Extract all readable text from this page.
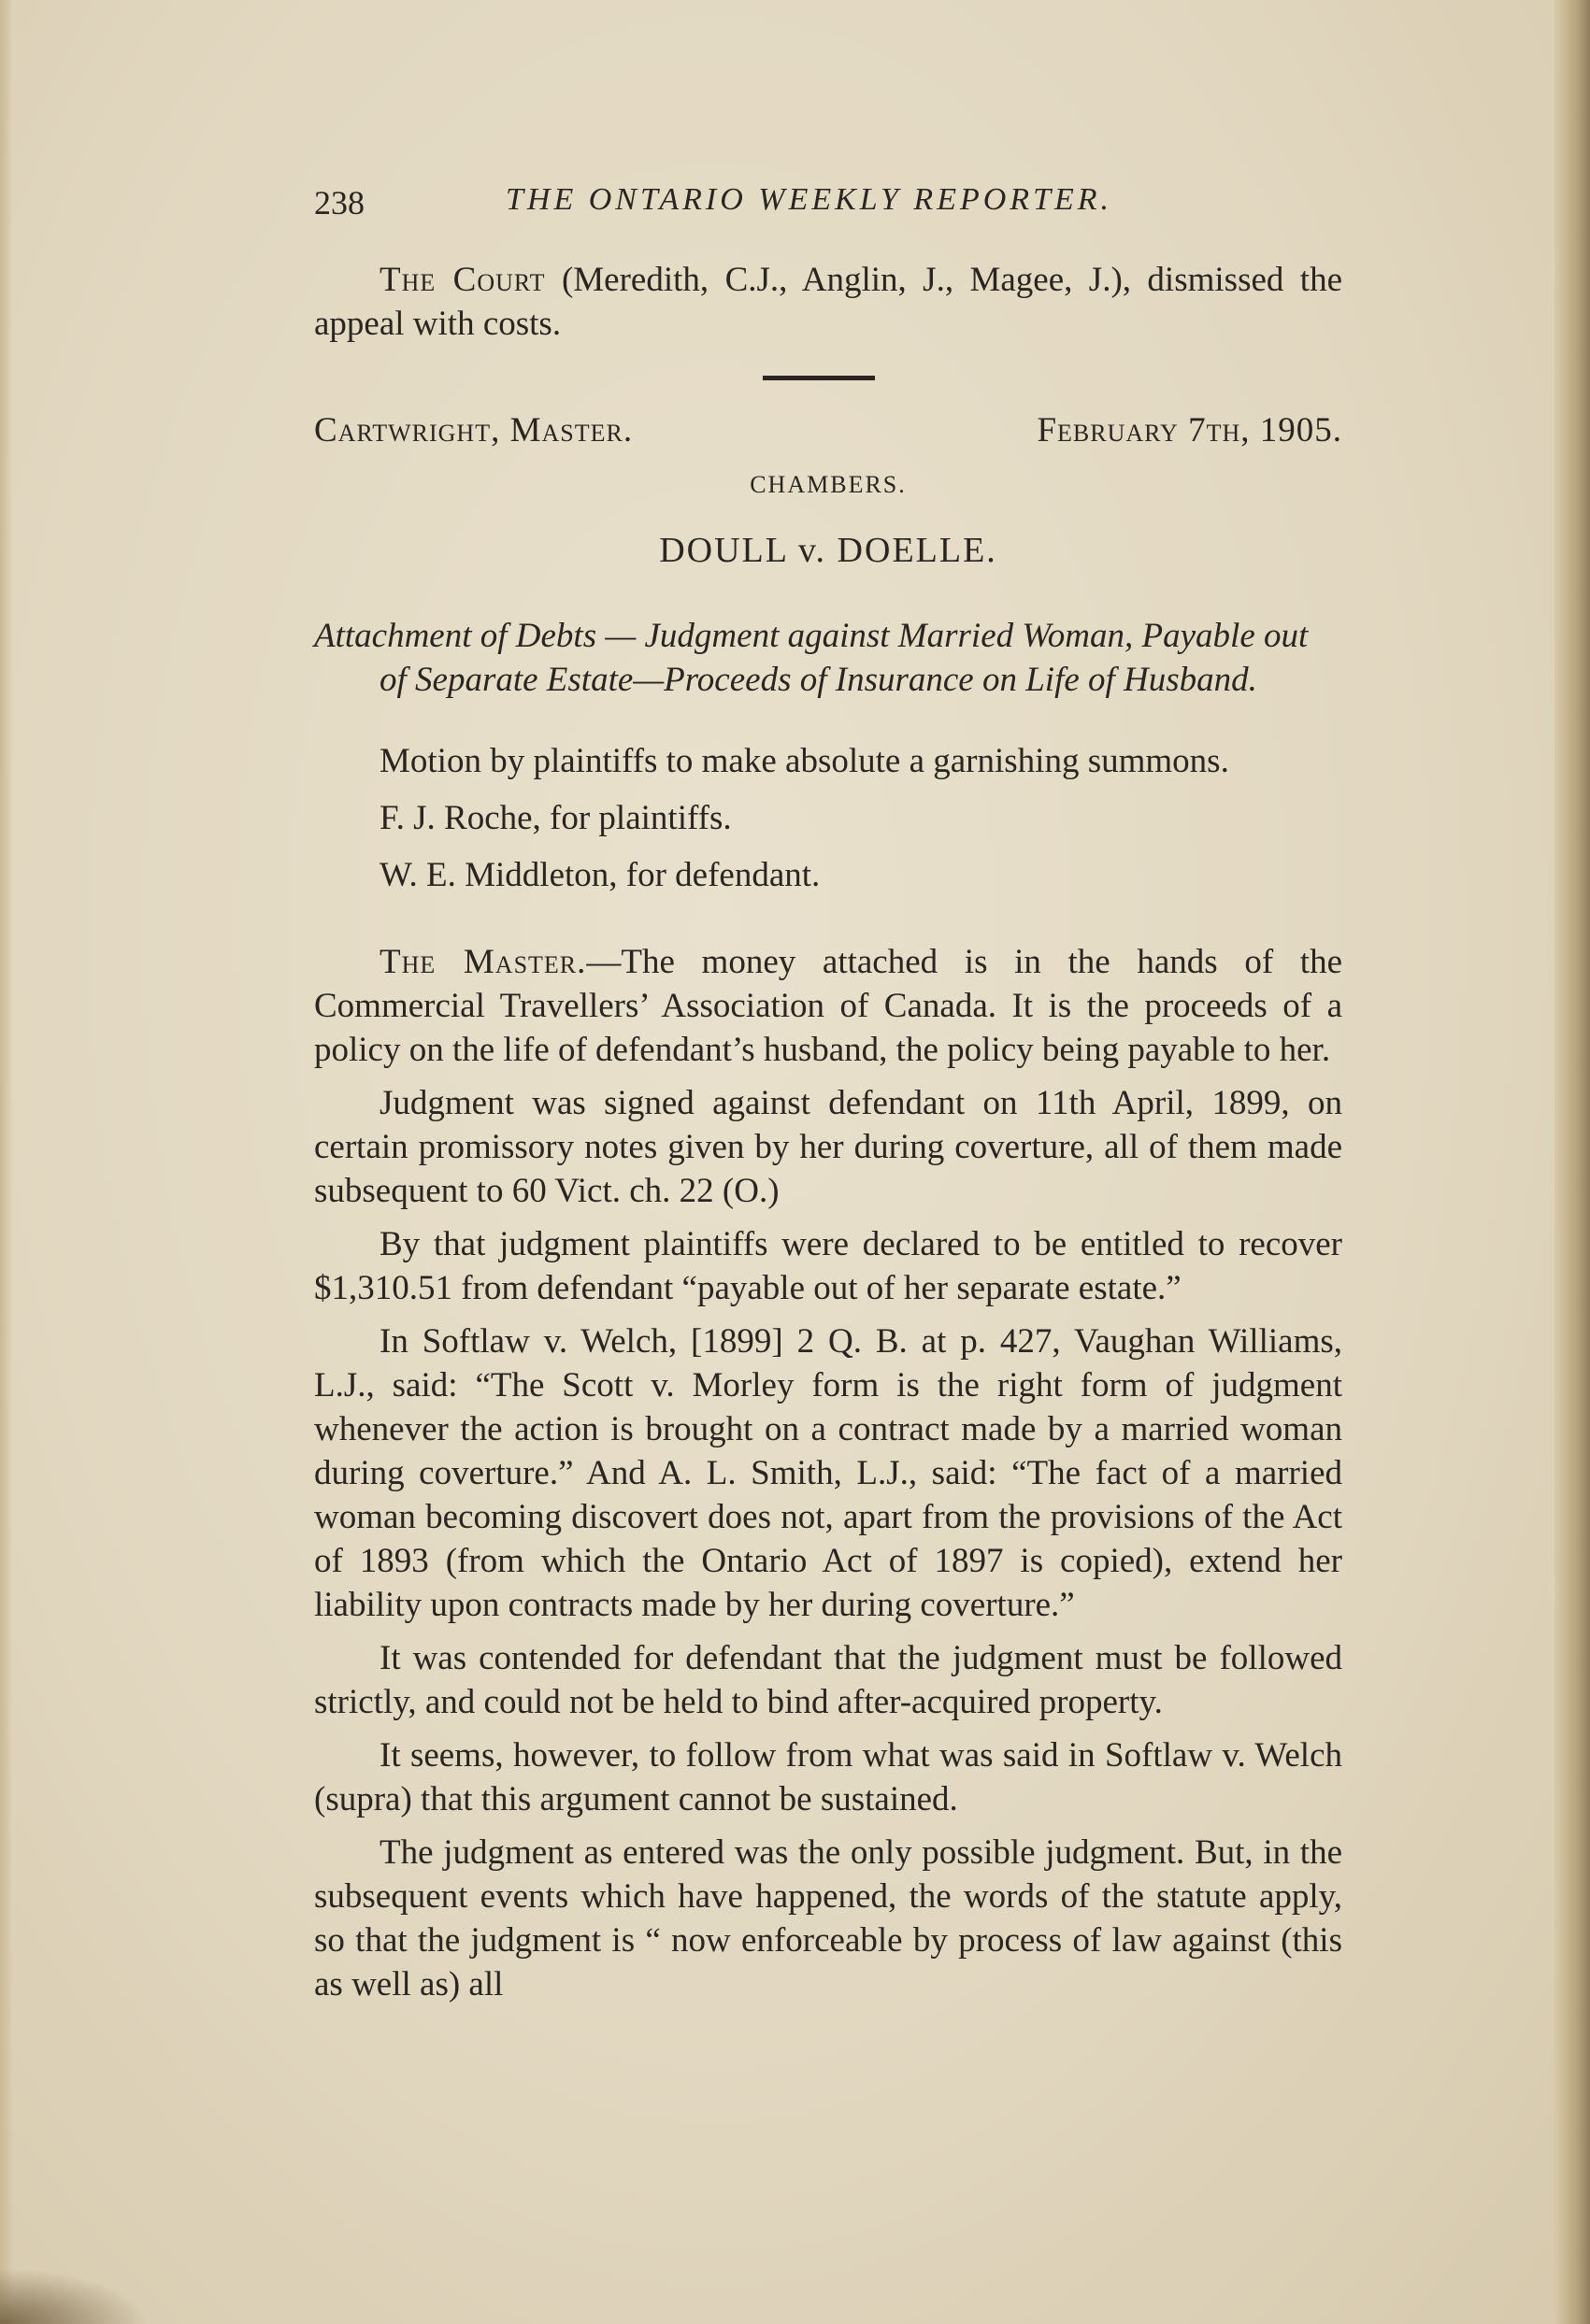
238	THE ONTARIO WEEKLY REPORTER.

The Court (Meredith, C.J., Anglin, J., Magee, J.), dismissed the appeal with costs.

Cartwright, Master.	February 7th, 1905.
CHAMBERS.
DOULL v. DOELLE.

Attachment of Debts — Judgment against Married Woman, Payable out of Separate Estate—Proceeds of Insurance on Life of Husband.

Motion by plaintiffs to make absolute a garnishing summons.

F. J. Roche, for plaintiffs.

W. E. Middleton, for defendant.

The Master.—The money attached is in the hands of the Commercial Travellers’ Association of Canada. It is the proceeds of a policy on the life of defendant’s husband, the policy being payable to her.

Judgment was signed against defendant on 11th April, 1899, on certain promissory notes given by her during coverture, all of them made subsequent to 60 Vict. ch. 22 (O.)

By that judgment plaintiffs were declared to be entitled to recover $1,310.51 from defendant “payable out of her separate estate.”

In Softlaw v. Welch, [1899] 2 Q. B. at p. 427, Vaughan Williams, L.J., said: “The Scott v. Morley form is the right form of judgment whenever the action is brought on a contract made by a married woman during coverture.” And A. L. Smith, L.J., said: “The fact of a married woman becoming discovert does not, apart from the provisions of the Act of 1893 (from which the Ontario Act of 1897 is copied), extend her liability upon contracts made by her during coverture.”

It was contended for defendant that the judgment must be followed strictly, and could not be held to bind after-acquired property.

It seems, however, to follow from what was said in Softlaw v. Welch (supra) that this argument cannot be sustained.

The judgment as entered was the only possible judgment. But, in the subsequent events which have happened, the words of the statute apply, so that the judgment is “ now enforceable by process of law against (this as well as) all
